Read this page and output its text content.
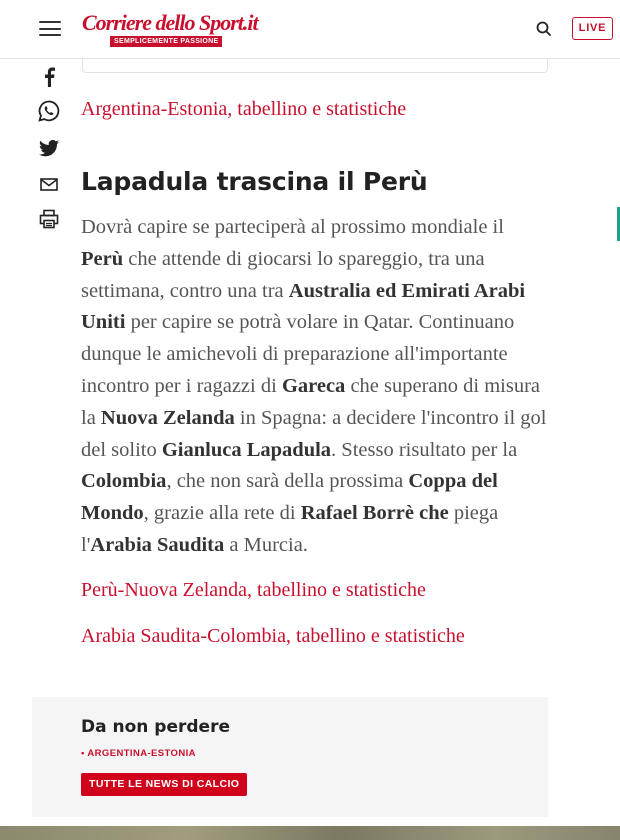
Corriere dello Sport.it
SEMPLICEMENTE PASSIONE
LIVE
Argentina-Estonia, tabellino e statistiche
Lapadula trascina il Perù

Dovrà capire se parteciperà al prossimo mondiale il Perù che attende di giocarsi lo spareggio, tra una settimana, contro una tra Australia ed Emirati Arabi Uniti per capire se potrà volare in Qatar. Continuano dunque le amichevoli di preparazione all'importante incontro per i ragazzi di Gareca che superano di misura la Nuova Zelanda in Spagna: a decidere l'incontro il gol del solito Gianluca Lapadula. Stesso risultato per la Colombia, che non sarà della prossima Coppa del Mondo, grazie alla rete di Rafael Borrè che piega l'Arabia Saudita a Murcia.

Perù-Nuova Zelanda, tabellino e statistiche
Arabia Saudita-Colombia, tabellino e statistiche
Da non perdere
• ARGENTINA-ESTONIA
TUTTE LE NEWS DI CALCIO
